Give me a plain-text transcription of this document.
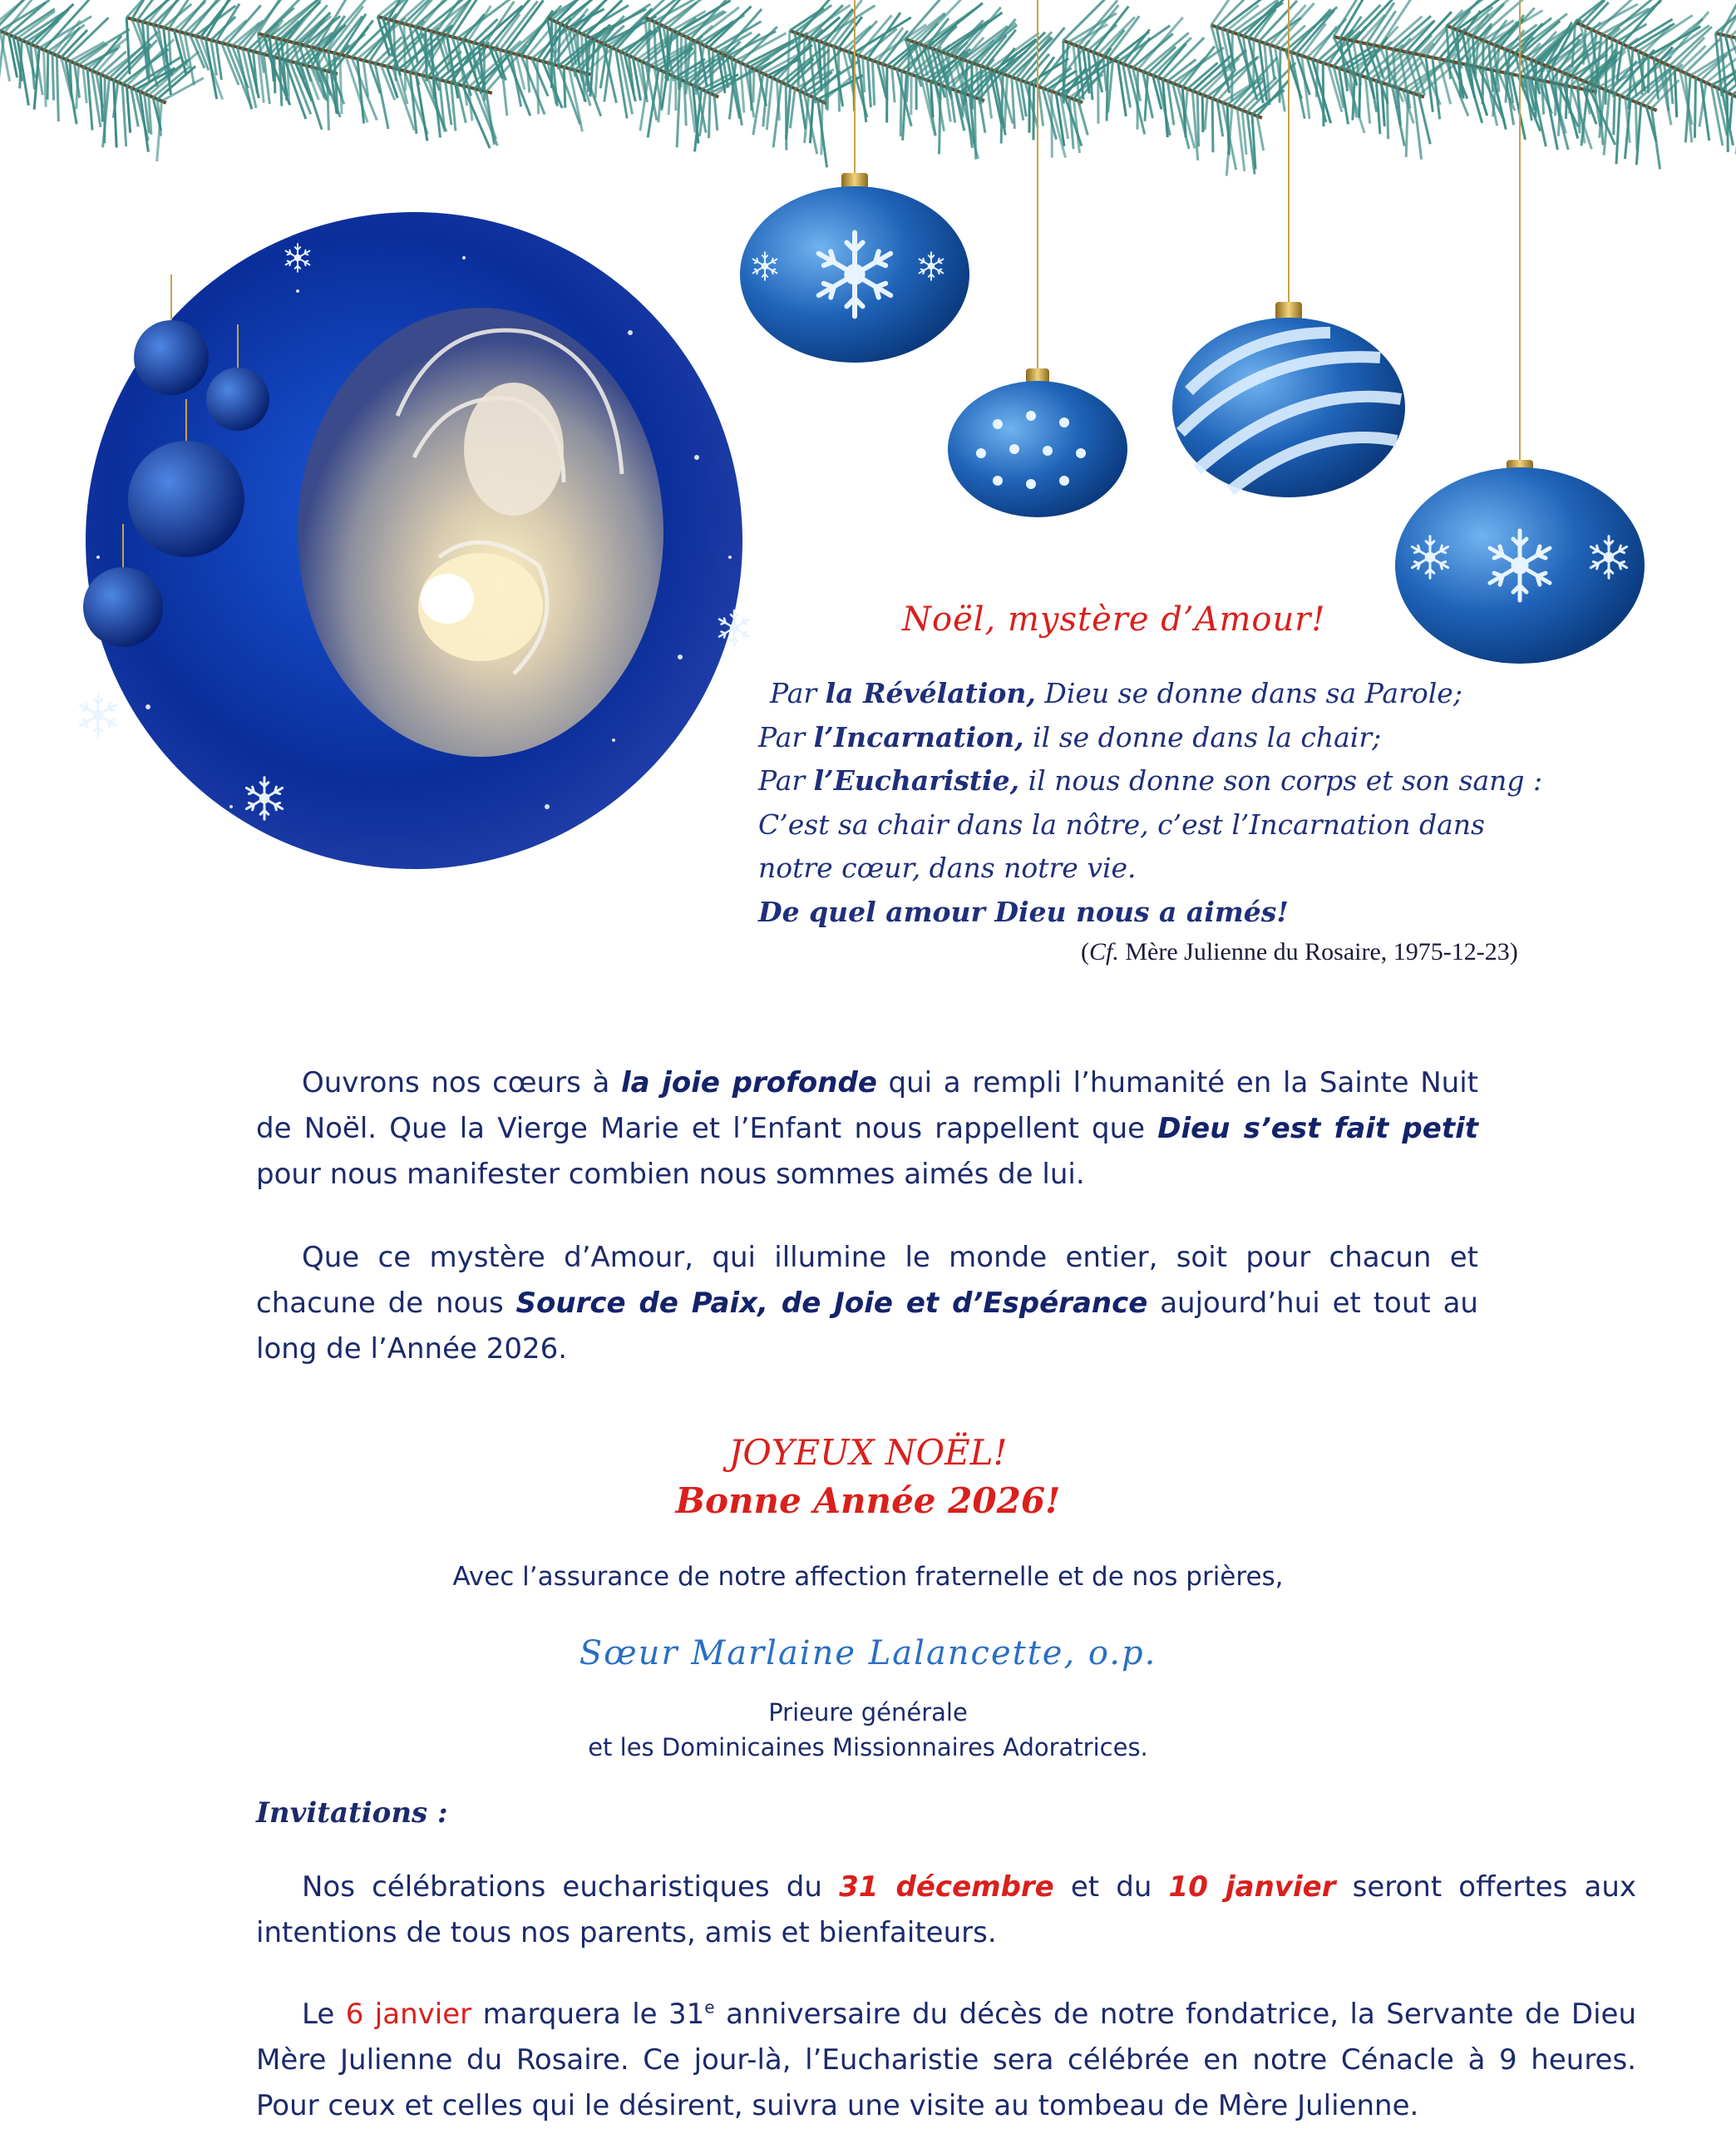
Noël, mystère d’Amour!
Par la Révélation, Dieu se donne dans sa Parole;
Par l’Incarnation, il se donne dans la chair;
Par l’Eucharistie, il nous donne son corps et son sang :
C’est sa chair dans la nôtre, c’est l’Incarnation dans
notre cœur, dans notre vie.
De quel amour Dieu nous a aimés!
(Cf. Mère Julienne du Rosaire, 1975-12-23)
Ouvrons nos cœurs à la joie profonde qui a rempli l’humanité en la Sainte Nuit de Noël. Que la Vierge Marie et l’Enfant nous rappellent que Dieu s’est fait petit pour nous manifester combien nous sommes aimés de lui.
Que ce mystère d’Amour, qui illumine le monde entier, soit pour chacun et chacune de nous Source de Paix, de Joie et d’Espérance aujourd’hui et tout au long de l’Année 2026.
JOYEUX NOËL!
Bonne Année 2026!
Avec l’assurance de notre affection fraternelle et de nos prières,
Sœur Marlaine Lalancette, o.p.
Prieure générale
et les Dominicaines Missionnaires Adoratrices.
Invitations :
Nos célébrations eucharistiques du 31 décembre et du 10 janvier seront offertes aux intentions de tous nos parents, amis et bienfaiteurs.
Le 6 janvier marquera le 31e anniversaire du décès de notre fondatrice, la Servante de Dieu Mère Julienne du Rosaire. Ce jour-là, l’Eucharistie sera célébrée en notre Cénacle à 9 heures. Pour ceux et celles qui le désirent, suivra une visite au tombeau de Mère Julienne.
